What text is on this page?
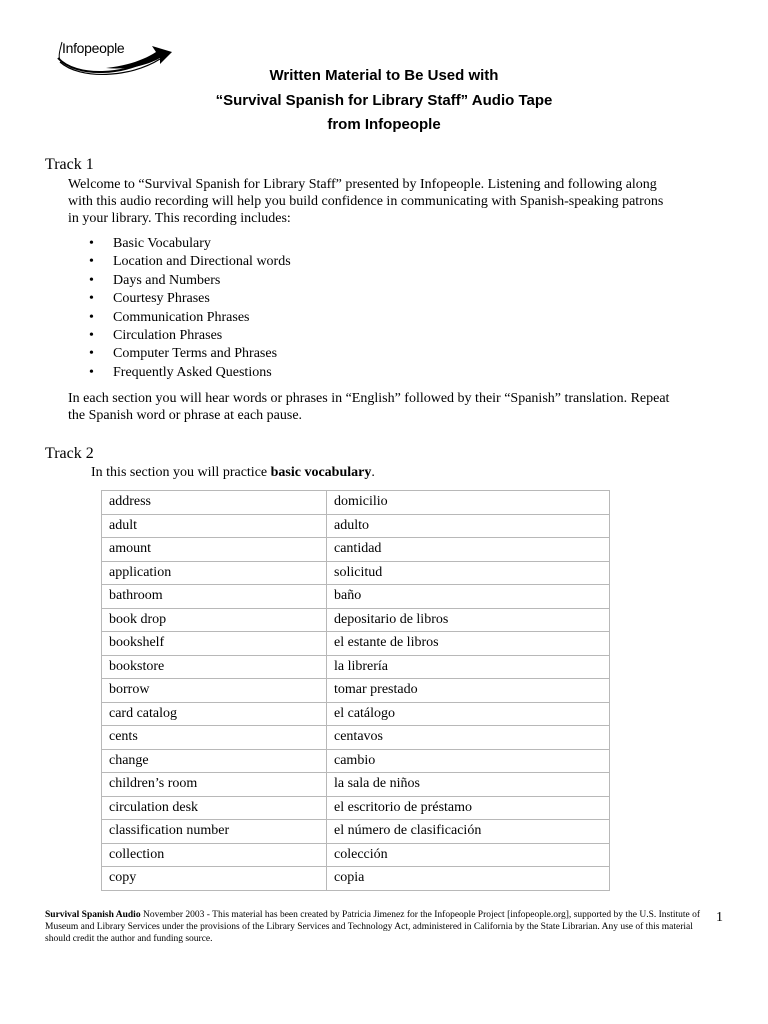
Infopeople
Written Material to Be Used with
“Survival Spanish for Library Staff” Audio Tape
from Infopeople
Track 1
Welcome to “Survival Spanish for Library Staff” presented by Infopeople. Listening and following along
with this audio recording will help you build confidence in communicating with Spanish-speaking patrons
in your library. This recording includes:
• Basic Vocabulary
• Location and Directional words
• Days and Numbers
• Courtesy Phrases
• Communication Phrases
• Circulation Phrases
• Computer Terms and Phrases
• Frequently Asked Questions
In each section you will hear words or phrases in “English” followed by their “Spanish” translation. Repeat
the Spanish word or phrase at each pause.
Track 2
In this section you will practice basic vocabulary.
address	domicilio
adult	adulto
amount	cantidad
application	solicitud
bathroom	baño
book drop	depositario de libros
bookshelf	el estante de libros
bookstore	la librería
borrow	tomar prestado
card catalog	el catálogo
cents	centavos
change	cambio
children’s room	la sala de niños
circulation desk	el escritorio de préstamo
classification number	el número de clasificación
collection	colección
copy	copia
Survival Spanish Audio November 2003 - This material has been created by Patricia Jimenez for the Infopeople Project [infopeople.org], supported by the U.S. Institute of Museum and Library Services under the provisions of the Library Services and Technology Act, administered in California by the State Librarian. Any use of this material should credit the author and funding source.
1
